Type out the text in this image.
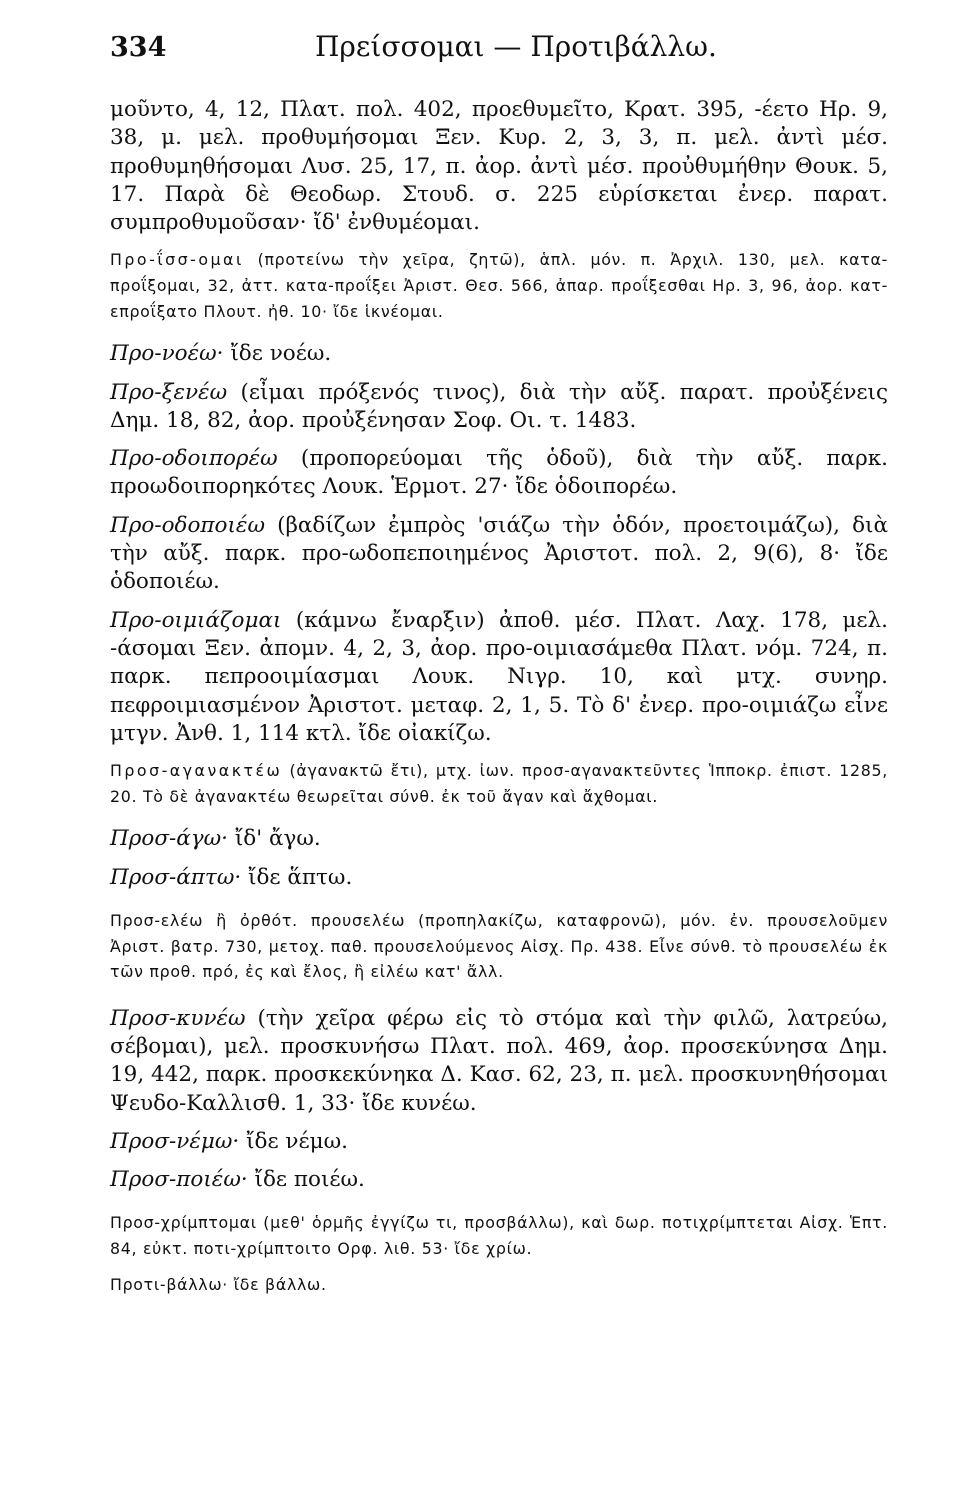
334	Πρείσσομαι — Προτιβάλλω.

μοῦντο, 4, 12, Πλατ. πολ. 402, προεθυμεῖτο, Κρατ. 395, -έετο Ηρ. 9, 38, μ. μελ. προθυμήσομαι Ξεν. Κυρ. 2, 3, 3, π. μελ. ἀντὶ μέσ. προθυμηθήσομαι Λυσ. 25, 17, π. ἀορ. ἀντὶ μέσ. προὐθυμήθην Θουκ. 5, 17. Παρὰ δὲ Θεοδωρ. Στουδ. σ. 225 εὑρίσκεται ἐνερ. παρατ. συμπροθυμοῦσαν· ἴδ' ἐνθυμέομαι.

Προ-ΐσσ-ομαι (προτείνω τὴν χεῖρα, ζητῶ), ἁπλ. μόν. π. Ἀρχιλ. 130, μελ. κατα-προΐξομαι, 32, ἀττ. κατα-προΐξει Ἀριστ. Θεσ. 566, ἀπαρ. προΐξεσθαι Ηρ. 3, 96, ἀορ. κατ-επροΐξατο Πλουτ. ἠθ. 10· ἴδε ἱκνέομαι.

Προ-νοέω· ἴδε νοέω.

Προ-ξενέω (εἶμαι πρόξενός τινος), διὰ τὴν αὔξ. παρατ. προὐξένεις Δημ. 18, 82, ἀορ. προὐξένησαν Σοφ. Οι. τ. 1483.

Προ-οδοιπορέω (προπορεύομαι τῆς ὁδοῦ), διὰ τὴν αὔξ. παρκ. προωδοιπορηκότες Λουκ. Ἑρμοτ. 27· ἴδε ὁδοιπορέω.

Προ-οδοποιέω (βαδίζων ἐμπρὸς 'σιάζω τὴν ὁδόν, προετοιμάζω), διὰ τὴν αὔξ. παρκ. προ-ωδοπεποιημένος Ἀριστοτ. πολ. 2, 9(6), 8· ἴδε ὁδοποιέω.

Προ-οιμιάζομαι (κάμνω ἔναρξιν) ἀποθ. μέσ. Πλατ. Λαχ. 178, μελ. -άσομαι Ξεν. ἀπομν. 4, 2, 3, ἀορ. προ-οιμιασάμεθα Πλατ. νόμ. 724, π. παρκ. πεπροοιμίασμαι Λουκ. Νιγρ. 10, καὶ μτχ. συνηρ. πεφροιμιασμένον Ἀριστοτ. μεταφ. 2, 1, 5. Τὸ δ' ἐνερ. προ-οιμιάζω εἶνε μτγν. Ἀνθ. 1, 114 κτλ. ἴδε οἰακίζω.

Προσ-αγανακτέω (ἀγανακτῶ ἔτι), μτχ. ἰων. προσ-αγανακτεῦντες Ἱπποκρ. ἐπιστ. 1285, 20. Τὸ δὲ ἀγανακτέω θεωρεῖται σύνθ. ἐκ τοῦ ἄγαν καὶ ἄχθομαι.

Προσ-άγω· ἴδ' ἄγω.

Προσ-άπτω· ἴδε ἅπτω.

Προσ-ελέω ἢ ὀρθότ. προυσελέω (προπηλακίζω, καταφρονῶ), μόν. ἐν. προυσελοῦμεν Ἀριστ. βατρ. 730, μετοχ. παθ. προυσελούμενος Αἰσχ. Πρ. 438. Εἶνε σύνθ. τὸ προυσελέω ἐκ τῶν προθ. πρό, ἐς καὶ ἔλος, ἢ εἰλέω κατ' ἄλλ.

Προσ-κυνέω (τὴν χεῖρα φέρω εἰς τὸ στόμα καὶ τὴν φιλῶ, λατρεύω, σέβομαι), μελ. προσκυνήσω Πλατ. πολ. 469, ἀορ. προσεκύνησα Δημ. 19, 442, παρκ. προσκεκύνηκα Δ. Κασ. 62, 23, π. μελ. προσκυνηθήσομαι Ψευδο-Καλλισθ. 1, 33· ἴδε κυνέω.

Προσ-νέμω· ἴδε νέμω.

Προσ-ποιέω· ἴδε ποιέω.

Προσ-χρίμπτομαι (μεθ' ὁρμῆς ἐγγίζω τι, προσβάλλω), καὶ δωρ. ποτιχρίμπτεται Αἰσχ. Ἑπτ. 84, εὐκτ. ποτι-χρίμπτοιτο Ορφ. λιθ. 53· ἴδε χρίω.

Προτι-βάλλω· ἴδε βάλλω.
